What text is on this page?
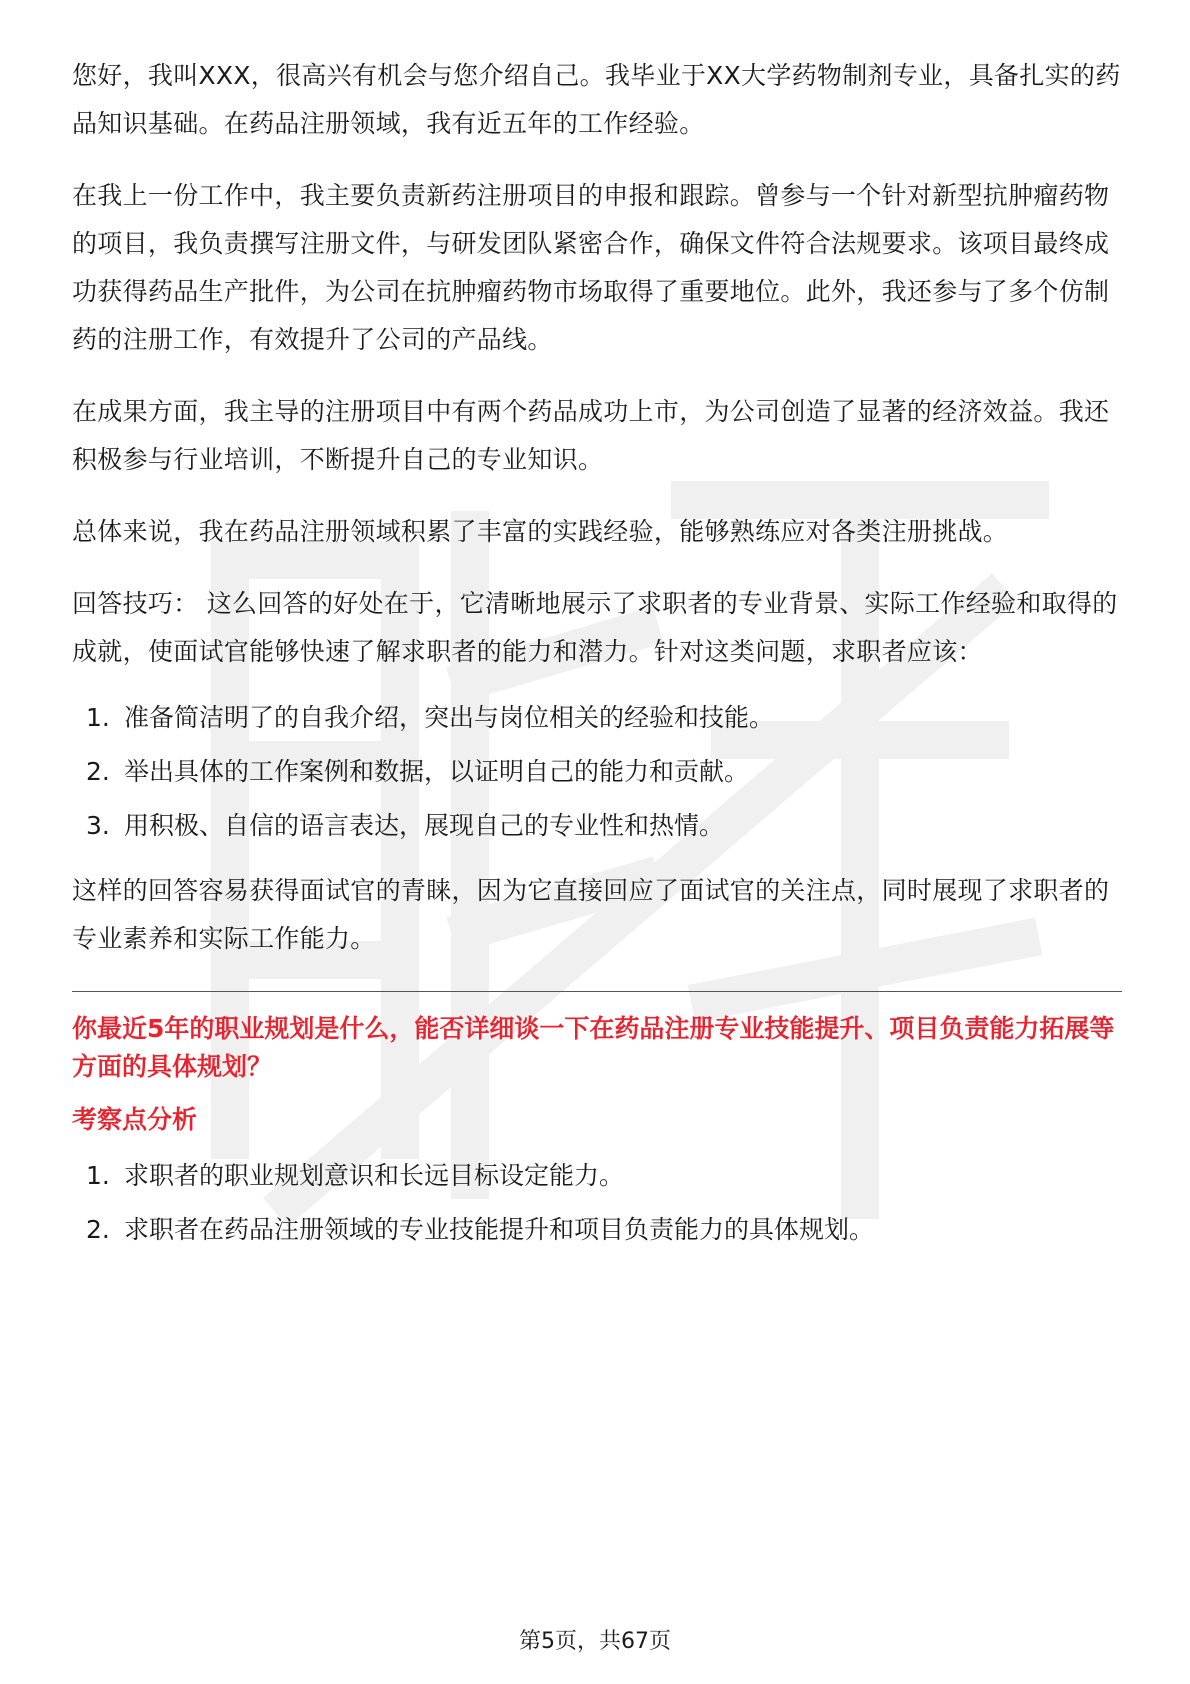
您好，我叫XXX，很高兴有机会与您介绍自己。我毕业于XX大学药物制剂专业，具备扎实的药品知识基础。在药品注册领域，我有近五年的工作经验。

在我上一份工作中，我主要负责新药注册项目的申报和跟踪。曾参与一个针对新型抗肿瘤药物的项目，我负责撰写注册文件，与研发团队紧密合作，确保文件符合法规要求。该项目最终成功获得药品生产批件，为公司在抗肿瘤药物市场取得了重要地位。此外，我还参与了多个仿制药的注册工作，有效提升了公司的产品线。

在成果方面，我主导的注册项目中有两个药品成功上市，为公司创造了显著的经济效益。我还积极参与行业培训，不断提升自己的专业知识。

总体来说，我在药品注册领域积累了丰富的实践经验，能够熟练应对各类注册挑战。

回答技巧： 这么回答的好处在于，它清晰地展示了求职者的专业背景、实际工作经验和取得的成就，使面试官能够快速了解求职者的能力和潜力。针对这类问题，求职者应该：

1. 准备简洁明了的自我介绍，突出与岗位相关的经验和技能。
2. 举出具体的工作案例和数据，以证明自己的能力和贡献。
3. 用积极、自信的语言表达，展现自己的专业性和热情。

这样的回答容易获得面试官的青睐，因为它直接回应了面试官的关注点，同时展现了求职者的专业素养和实际工作能力。

你最近5年的职业规划是什么，能否详细谈一下在药品注册专业技能提升、项目负责能力拓展等方面的具体规划？

考察点分析

1. 求职者的职业规划意识和长远目标设定能力。
2. 求职者在药品注册领域的专业技能提升和项目负责能力的具体规划。
第5页，共67页
